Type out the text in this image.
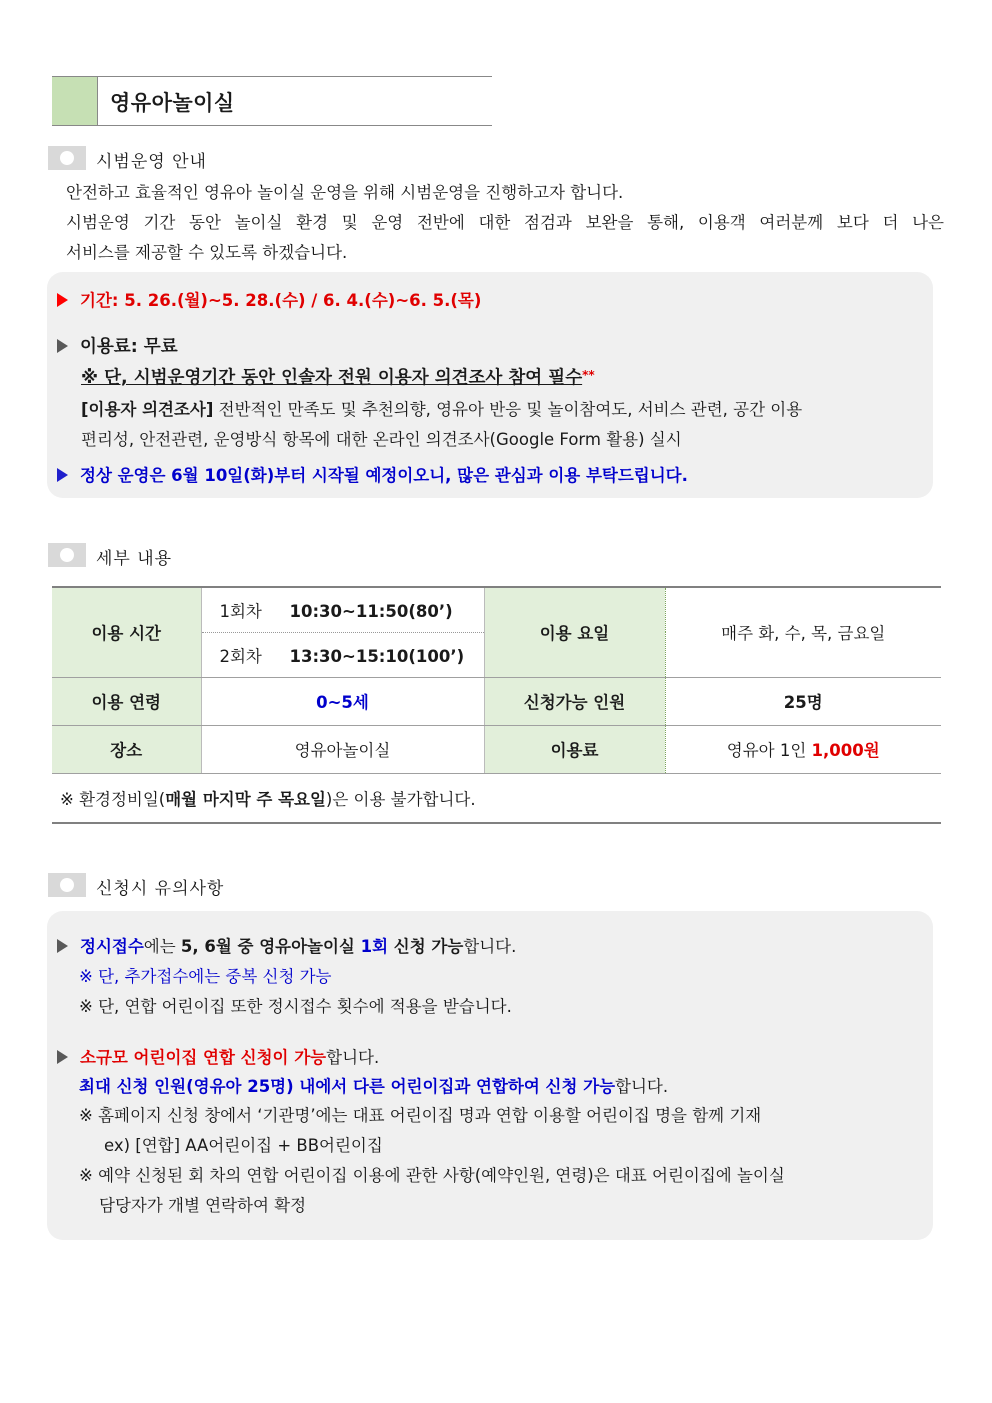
영유아놀이실
시범운영 안내

안전하고 효율적인 영유아 놀이실 운영을 위해 시범운영을 진행하고자 합니다.

시범운영 기간 동안 놀이실 환경 및 운영 전반에 대한 점검과 보완을 통해, 이용객 여러분께 보다 더 나은

서비스를 제공할 수 있도록 하겠습니다.

기간: 5. 26.(월)~5. 28.(수) / 6. 4.(수)~6. 5.(목)
이용료: 무료
※ 단, 시범운영기간 동안 인솔자 전원 이용자 의견조사 참여 필수**
[이용자 의견조사] 전반적인 만족도 및 추천의향, 영유아 반응 및 놀이참여도, 서비스 관련, 공간 이용
편리성, 안전관련, 운영방식 항목에 대한 온라인 의견조사(Google Form 활용) 실시
정상 운영은 6월 10일(화)부터 시작될 예정이오니, 많은 관심과 이용 부탁드립니다.
세부 내용
이용 시간	1회차 10:30~11:50(80’)	이용 요일	매주 화, 수, 목, 금요일
	2회차 13:30~15:10(100’)		
이용 연령	0~5세	신청가능 인원	25명
장소	영유아놀이실	이용료	영유아 1인 1,000원
※ 환경정비일(매월 마지막 주 목요일)은 이용 불가합니다.
신청시 유의사항
정시접수에는 5, 6월 중 영유아놀이실 1회 신청 가능합니다.
※ 단, 추가접수에는 중복 신청 가능
※ 단, 연합 어린이집 또한 정시접수 횟수에 적용을 받습니다.
소규모 어린이집 연합 신청이 가능합니다.
최대 신청 인원(영유아 25명) 내에서 다른 어린이집과 연합하여 신청 가능합니다.
※ 홈페이지 신청 창에서 ‘기관명’에는 대표 어린이집 명과 연합 이용할 어린이집 명을 함께 기재
ex) [연합] AA어린이집 + BB어린이집
※ 예약 신청된 회 차의 연합 어린이집 이용에 관한 사항(예약인원, 연령)은 대표 어린이집에 놀이실
담당자가 개별 연락하여 확정
